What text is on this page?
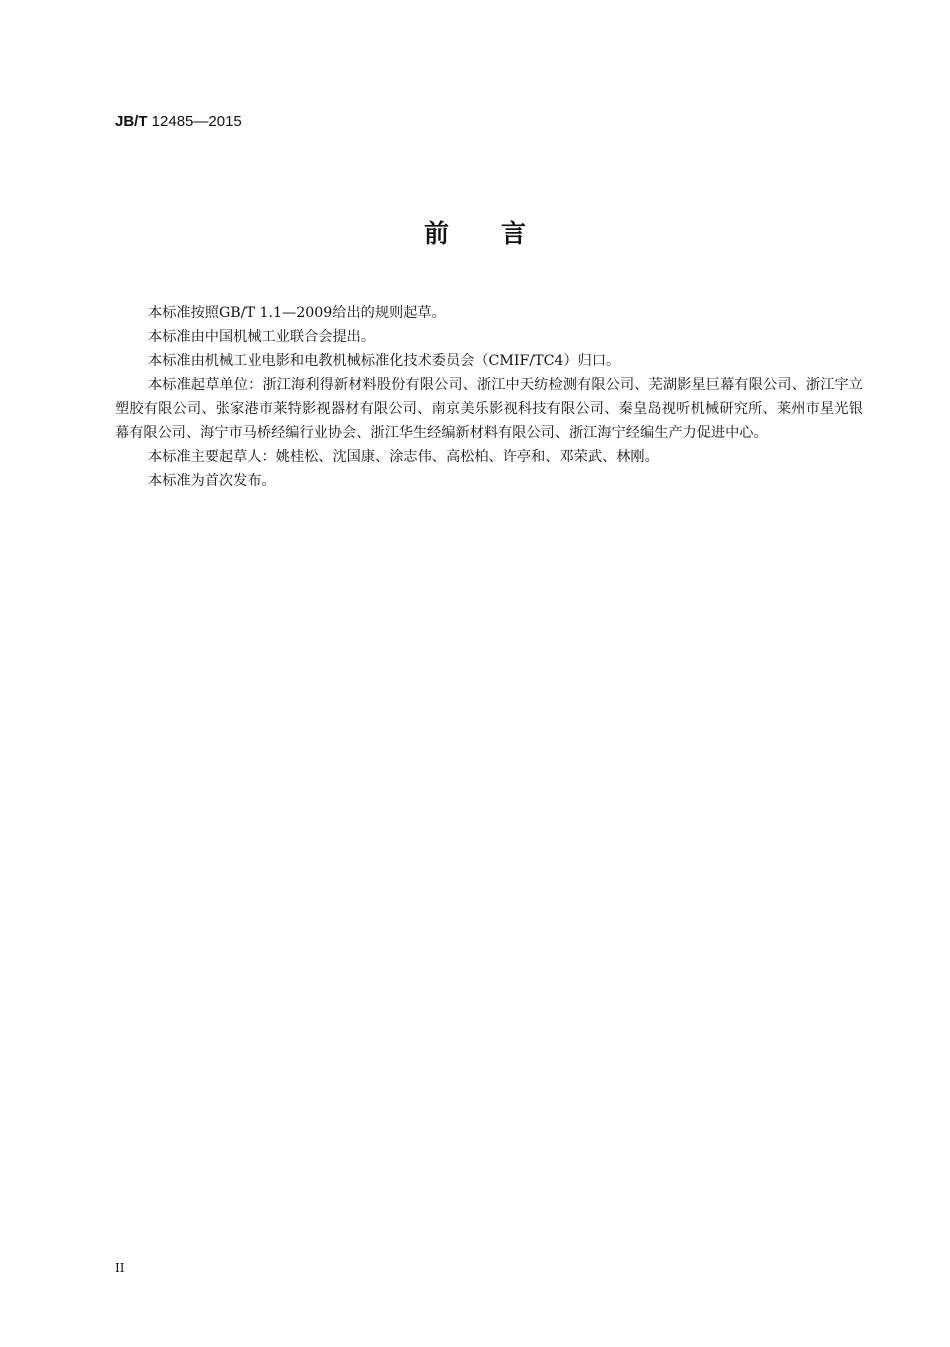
JB/T 12485—2015
前言

本标准按照GB/T 1.1—2009给出的规则起草。

本标准由中国机械工业联合会提出。

本标准由机械工业电影和电教机械标准化技术委员会（CMIF/TC4）归口。

本标准起草单位：浙江海利得新材料股份有限公司、浙江中天纺检测有限公司、芜湖影星巨幕有限公司、浙江宇立塑胶有限公司、张家港市莱特影视器材有限公司、南京美乐影视科技有限公司、秦皇岛视听机械研究所、莱州市星光银幕有限公司、海宁市马桥经编行业协会、浙江华生经编新材料有限公司、浙江海宁经编生产力促进中心。

本标准主要起草人：姚桂松、沈国康、涂志伟、高松柏、许亭和、邓荣武、林刚。

本标准为首次发布。

II
